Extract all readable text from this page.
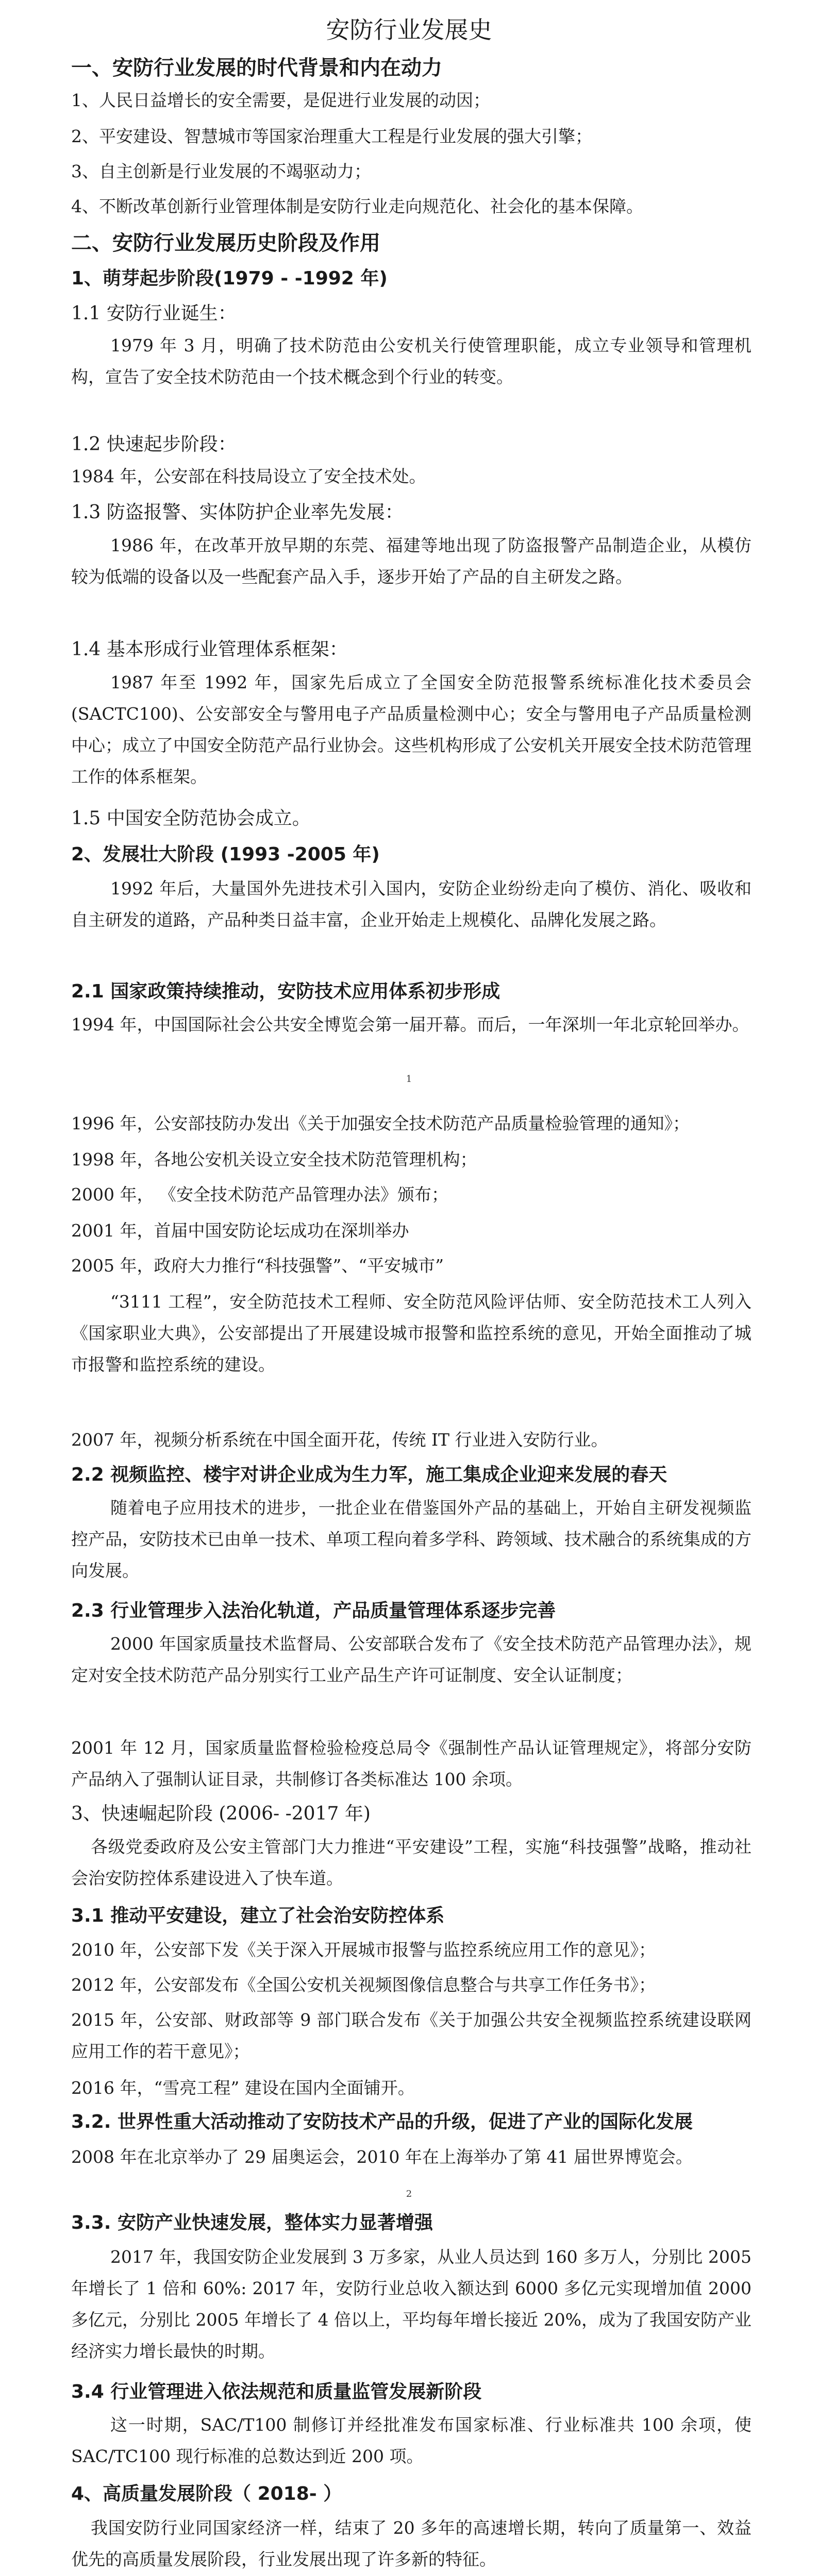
安防行业发展史
一、安防行业发展的时代背景和内在动力
1、人民日益增长的安全需要，是促进行业发展的动因；
2、平安建设、智慧城市等国家治理重大工程是行业发展的强大引擎；
3、自主创新是行业发展的不竭驱动力；
4、不断改革创新行业管理体制是安防行业走向规范化、社会化的基本保障。
二、安防行业发展历史阶段及作用
1、萌芽起步阶段(1979 - -1992 年)
1.1 安防行业诞生：
1979 年 3 月，明确了技术防范由公安机关行使管理职能，成立专业领导和管理机构，宣告了安全技术防范由一个技术概念到个行业的转变。
1.2 快速起步阶段：
1984 年，公安部在科技局设立了安全技术处。
1.3 防盗报警、实体防护企业率先发展：
1986 年，在改革开放早期的东莞、福建等地出现了防盗报警产品制造企业，从模仿较为低端的设备以及一些配套产品入手，逐步开始了产品的自主研发之路。
1.4 基本形成行业管理体系框架：
1987 年至 1992 年，国家先后成立了全国安全防范报警系统标准化技术委员会(SACTC100)、公安部安全与警用电子产品质量检测中心；安全与警用电子产品质量检测中心；成立了中国安全防范产品行业协会。这些机构形成了公安机关开展安全技术防范管理工作的体系框架。
1.5 中国安全防范协会成立。
2、发展壮大阶段 (1993 -2005 年)
1992 年后，大量国外先进技术引入国内，安防企业纷纷走向了模仿、消化、吸收和自主研发的道路，产品种类日益丰富，企业开始走上规模化、品牌化发展之路。
2.1 国家政策持续推动，安防技术应用体系初步形成
1994 年，中国国际社会公共安全博览会第一届开幕。而后，一年深圳一年北京轮回举办。
1
1996 年，公安部技防办发出《关于加强安全技术防范产品质量检验管理的通知》；
1998 年，各地公安机关设立安全技术防范管理机构；
2000 年， 《安全技术防范产品管理办法》颁布；
2001 年，首届中国安防论坛成功在深圳举办
2005 年，政府大力推行“科技强警”、“平安城市”
“3111 工程”，安全防范技术工程师、安全防范风险评估师、安全防范技术工人列入《国家职业大典》，公安部提出了开展建设城市报警和监控系统的意见，开始全面推动了城市报警和监控系统的建设。
2007 年，视频分析系统在中国全面开花，传统 IT 行业进入安防行业。
2.2 视频监控、楼宇对讲企业成为生力军，施工集成企业迎来发展的春天
随着电子应用技术的进步，一批企业在借鉴国外产品的基础上，开始自主研发视频监控产品，安防技术已由单一技术、单项工程向着多学科、跨领域、技术融合的系统集成的方向发展。
2.3 行业管理步入法治化轨道，产品质量管理体系逐步完善
2000 年国家质量技术监督局、公安部联合发布了《安全技术防范产品管理办法》，规定对安全技术防范产品分别实行工业产品生产许可证制度、安全认证制度；
2001 年 12 月，国家质量监督检验检疫总局令《强制性产品认证管理规定》，将部分安防产品纳入了强制认证目录，共制修订各类标准达 100 余项。
3、快速崛起阶段 (2006- -2017 年)
各级党委政府及公安主管部门大力推进“平安建设”工程，实施“科技强警”战略，推动社会治安防控体系建设进入了快车道。
3.1 推动平安建设，建立了社会治安防控体系
2010 年，公安部下发《关于深入开展城市报警与监控系统应用工作的意见》；
2012 年，公安部发布《全国公安机关视频图像信息整合与共享工作任务书》；
2015 年，公安部、财政部等 9 部门联合发布《关于加强公共安全视频监控系统建设联网应用工作的若干意见》；
2016 年，“雪亮工程” 建设在国内全面铺开。
3.2. 世界性重大活动推动了安防技术产品的升级，促进了产业的国际化发展
2008 年在北京举办了 29 届奥运会，2010 年在上海举办了第 41 届世界博览会。
2
3.3. 安防产业快速发展，整体实力显著增强
2017 年，我国安防企业发展到 3 万多家，从业人员达到 160 多万人，分别比 2005 年增长了 1 倍和 60%: 2017 年，安防行业总收入额达到 6000 多亿元实现增加值 2000 多亿元，分别比 2005 年增长了 4 倍以上，平均每年增长接近 20%，成为了我国安防产业经济实力增长最快的时期。
3.4 行业管理进入依法规范和质量监管发展新阶段
这一时期，SAC/T100 制修订并经批准发布国家标准、行业标准共 100 余项，使 SAC/TC100 现行标准的总数达到近 200 项。
4、高质量发展阶段（ 2018- ）
我国安防行业同国家经济一样，结束了 20 多年的高速增长期，转向了质量第一、效益优先的高质量发展阶段，行业发展出现了许多新的特征。
